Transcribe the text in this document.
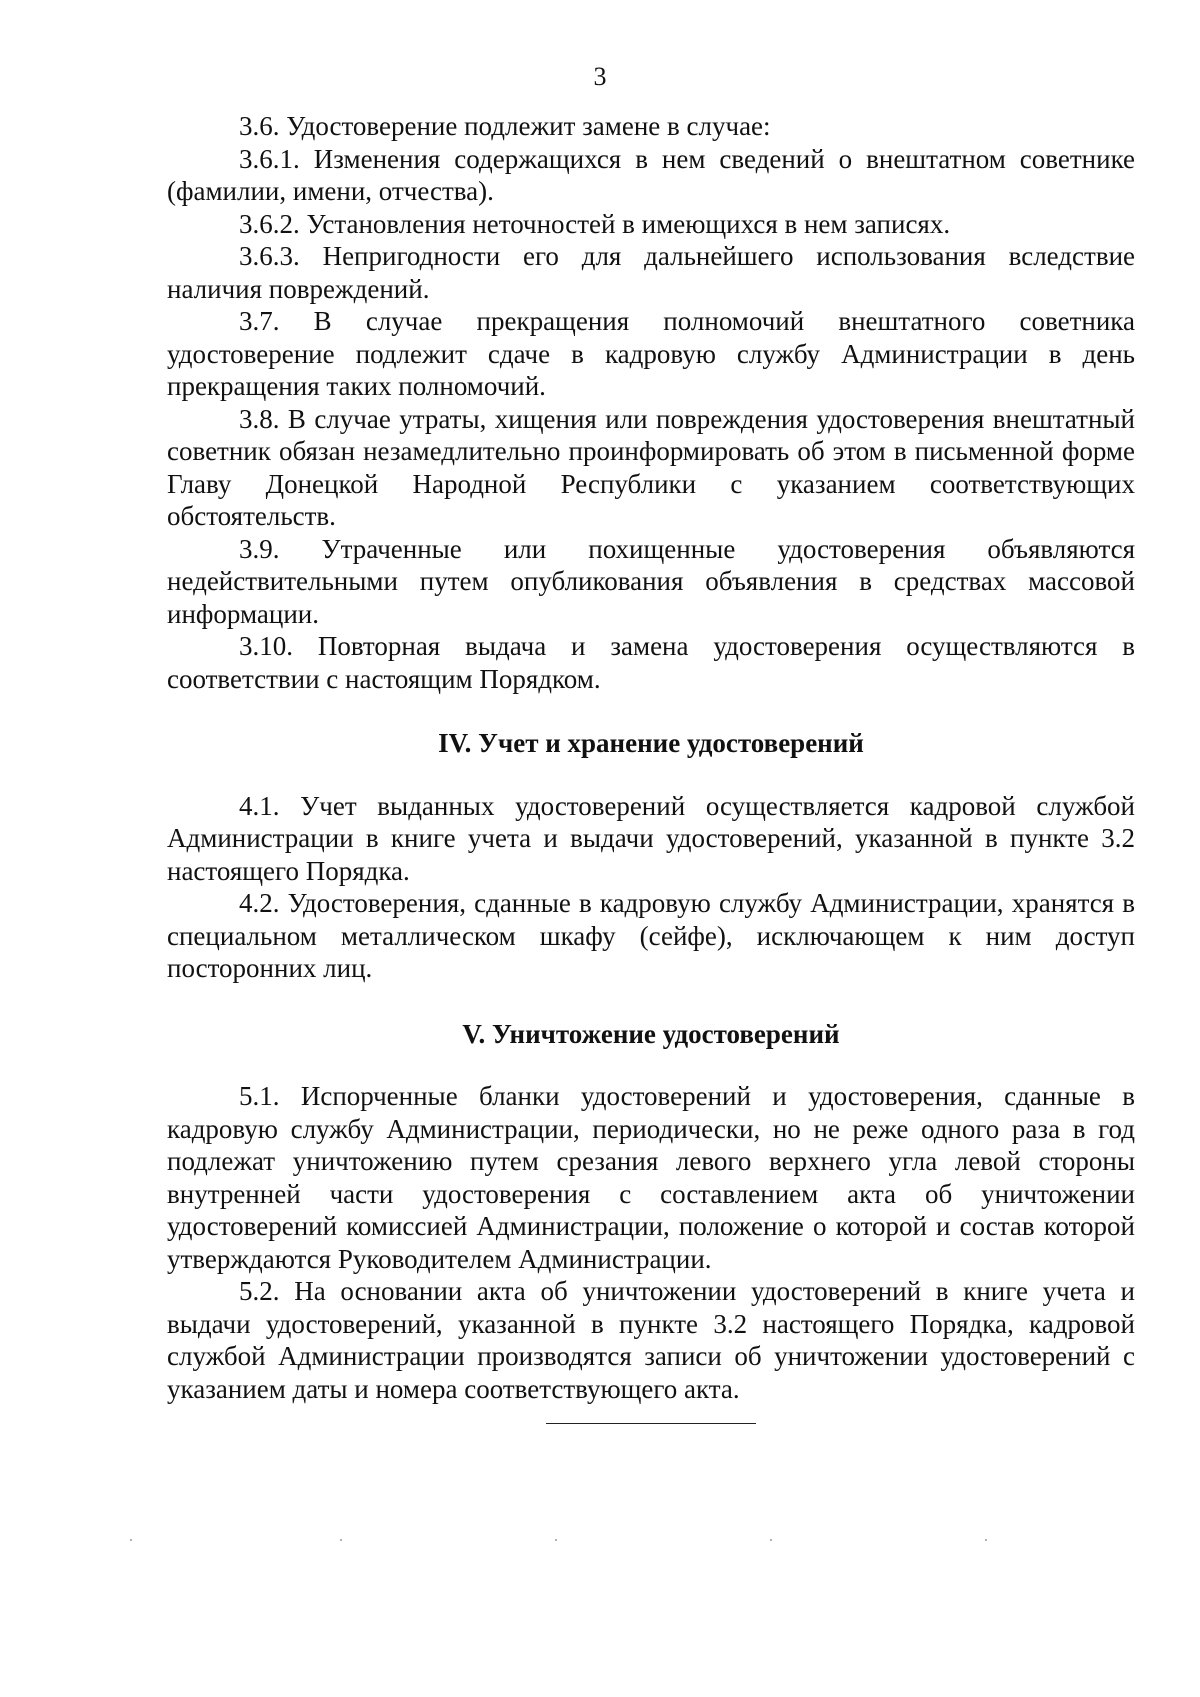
3

3.6. Удостоверение подлежит замене в случае:

3.6.1. Изменения содержащихся в нем сведений о внештатном советнике (фамилии, имени, отчества).

3.6.2. Установления неточностей в имеющихся в нем записях.

3.6.3. Непригодности его для дальнейшего использования вследствие наличия повреждений.

3.7. В случае прекращения полномочий внештатного советника удостоверение подлежит сдаче в кадровую службу Администрации в день прекращения таких полномочий.

3.8. В случае утраты, хищения или повреждения удостоверения внештатный советник обязан незамедлительно проинформировать об этом в письменной форме Главу Донецкой Народной Республики с указанием соответствующих обстоятельств.

3.9. Утраченные или похищенные удостоверения объявляются недействительными путем опубликования объявления в средствах массовой информации.

3.10. Повторная выдача и замена удостоверения осуществляются в соответствии с настоящим Порядком.

IV. Учет и хранение удостоверений

4.1. Учет выданных удостоверений осуществляется кадровой службой Администрации в книге учета и выдачи удостоверений, указанной в пункте 3.2 настоящего Порядка.

4.2. Удостоверения, сданные в кадровую службу Администрации, хранятся в специальном металлическом шкафу (сейфе), исключающем к ним доступ посторонних лиц.

V. Уничтожение удостоверений

5.1. Испорченные бланки удостоверений и удостоверения, сданные в кадровую службу Администрации, периодически, но не реже одного раза в год подлежат уничтожению путем срезания левого верхнего угла левой стороны внутренней части удостоверения с составлением акта об уничтожении удостоверений комиссией Администрации, положение о которой и состав которой утверждаются Руководителем Администрации.

5.2. На основании акта об уничтожении удостоверений в книге учета и выдачи удостоверений, указанной в пункте 3.2 настоящего Порядка, кадровой службой Администрации производятся записи об уничтожении удостоверений с указанием даты и номера соответствующего акта.
